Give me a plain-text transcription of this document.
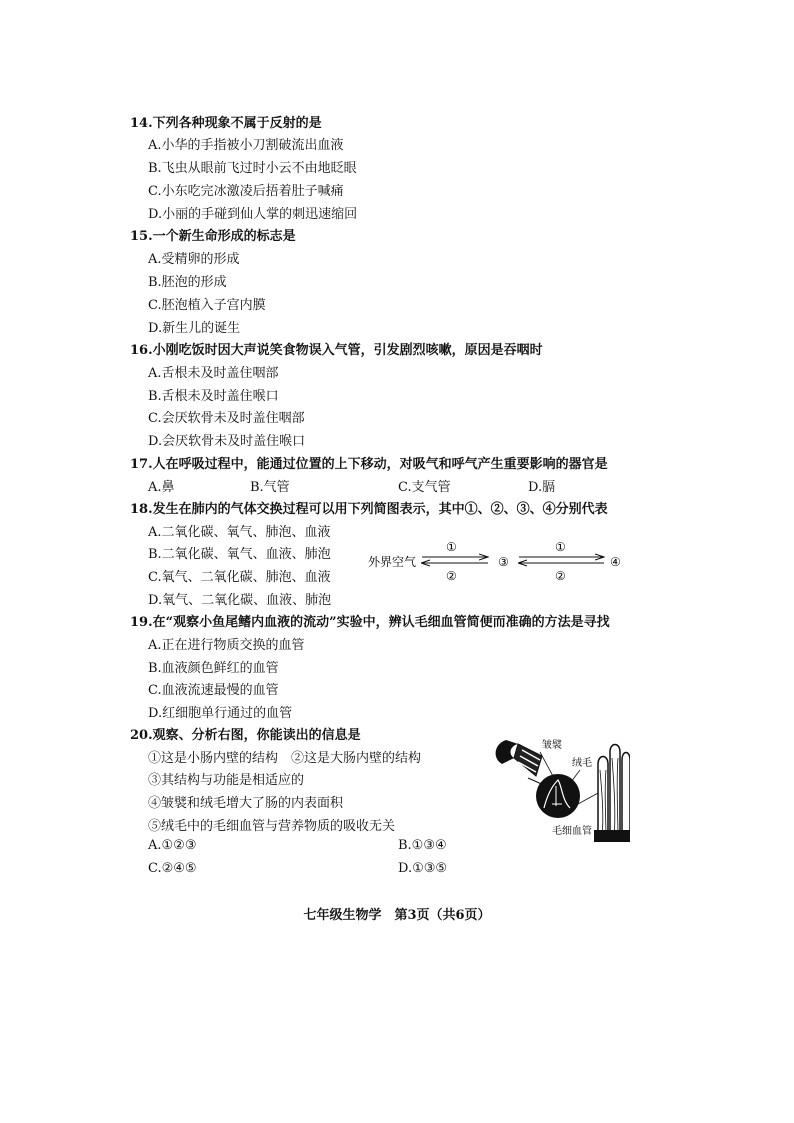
14.下列各种现象不属于反射的是
A.小华的手指被小刀割破流出血液
B.飞虫从眼前飞过时小云不由地眨眼
C.小东吃完冰激凌后捂着肚子喊痛
D.小丽的手碰到仙人掌的刺迅速缩回
15.一个新生命形成的标志是
A.受精卵的形成
B.胚泡的形成
C.胚泡植入子宫内膜
D.新生儿的诞生
16.小刚吃饭时因大声说笑食物误入气管，引发剧烈咳嗽，原因是吞咽时
A.舌根未及时盖住咽部
B.舌根未及时盖住喉口
C.会厌软骨未及时盖住咽部
D.会厌软骨未及时盖住喉口
17.人在呼吸过程中，能通过位置的上下移动，对吸气和呼气产生重要影响的器官是
A.鼻	B.气管	C.支气管	D.膈
18.发生在肺内的气体交换过程可以用下列简图表示，其中①、②、③、④分别代表
A.二氧化碳、氧气、肺泡、血液
B.二氧化碳、氧气、血液、肺泡
C.氧气、二氧化碳、肺泡、血液
D.氧气、二氧化碳、血液、肺泡
外界空气
①
②
③
①
②
④
19.在“观察小鱼尾鳍内血液的流动”实验中，辨认毛细血管简便而准确的方法是寻找
A.正在进行物质交换的血管
B.血液颜色鲜红的血管
C.血液流速最慢的血管
D.红细胞单行通过的血管
20.观察、分析右图，你能读出的信息是
①这是小肠内壁的结构　②这是大肠内壁的结构
③其结构与功能是相适应的
④皱襞和绒毛增大了肠的内表面积
⑤绒毛中的毛细血管与营养物质的吸收无关
A.①②③	B.①③④
C.②④⑤	D.①③⑤
皱襞
绒毛
毛细血管
七年级生物学　第3页（共6页）
